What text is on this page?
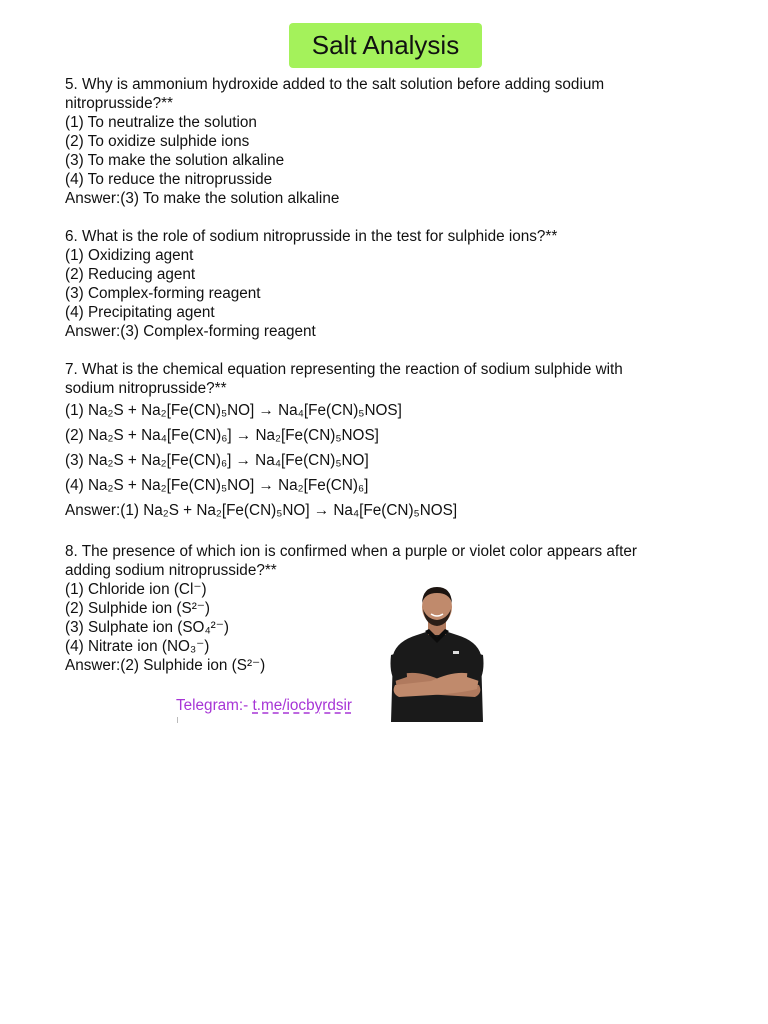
Salt Analysis
5. Why is ammonium hydroxide added to the salt solution before adding sodium
nitroprusside?**
(1) To neutralize the solution
(2) To oxidize sulphide ions
(3) To make the solution alkaline
(4) To reduce the nitroprusside
Answer:(3) To make the solution alkaline
6. What is the role of sodium nitroprusside in the test for sulphide ions?**
(1) Oxidizing agent
(2) Reducing agent
(3) Complex-forming reagent
(4) Precipitating agent
Answer:(3) Complex-forming reagent
7. What is the chemical equation representing the reaction of sodium sulphide with
sodium nitroprusside?**
(1) Na₂S + Na₂[Fe(CN)₅NO] → Na₄[Fe(CN)₅NOS]
(2) Na₂S + Na₄[Fe(CN)₆] → Na₂[Fe(CN)₅NOS]
(3) Na₂S + Na₂[Fe(CN)₆] → Na₄[Fe(CN)₅NO]
(4) Na₂S + Na₂[Fe(CN)₅NO] → Na₂[Fe(CN)₆]
Answer:(1) Na₂S + Na₂[Fe(CN)₅NO] → Na₄[Fe(CN)₅NOS]
8. The presence of which ion is confirmed when a purple or violet color appears after
adding sodium nitroprusside?**
(1) Chloride ion (Cl⁻)
(2) Sulphide ion (S²⁻)
(3) Sulphate ion (SO₄²⁻)
(4) Nitrate ion (NO₃⁻)
Answer:(2) Sulphide ion (S²⁻)
Telegram:- t.me/iocbyrdsir
